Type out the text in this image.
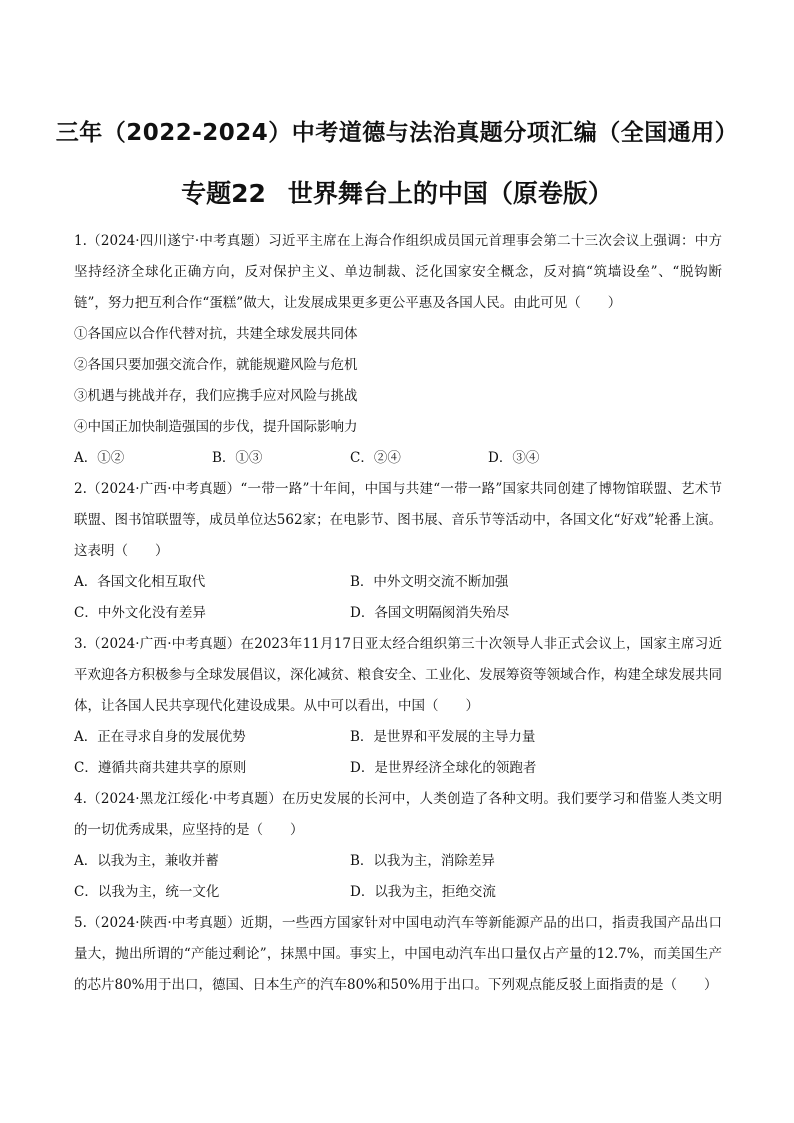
三年（2022-2024）中考道德与法治真题分项汇编（全国通用）
专题22 世界舞台上的中国（原卷版）

1.（2024·四川遂宁·中考真题）习近平主席在上海合作组织成员国元首理事会第二十三次会议上强调：中方坚持经济全球化正确方向，反对保护主义、单边制裁、泛化国家安全概念，反对搞“筑墙设垒”、“脱钩断链”，努力把互利合作“蛋糕”做大，让发展成果更多更公平惠及各国人民。由此可见（　　）

①各国应以合作代替对抗，共建全球发展共同体

②各国只要加强交流合作，就能规避风险与危机

③机遇与挑战并存，我们应携手应对风险与挑战

④中国正加快制造强国的步伐，提升国际影响力

A．①②	B．①③	C．②④	D．③④

2.（2024·广西·中考真题）“一带一路”十年间，中国与共建“一带一路”国家共同创建了博物馆联盟、艺术节联盟、图书馆联盟等，成员单位达562家；在电影节、图书展、音乐节等活动中，各国文化“好戏”轮番上演。这表明（　　）

A．各国文化相互取代	B．中外文明交流不断加强
C．中外文化没有差异	D．各国文明隔阂消失殆尽

3.（2024·广西·中考真题）在2023年11月17日亚太经合组织第三十次领导人非正式会议上，国家主席习近平欢迎各方积极参与全球发展倡议，深化减贫、粮食安全、工业化、发展筹资等领域合作，构建全球发展共同体，让各国人民共享现代化建设成果。从中可以看出，中国（　　）

A．正在寻求自身的发展优势	B．是世界和平发展的主导力量
C．遵循共商共建共享的原则	D．是世界经济全球化的领跑者

4.（2024·黑龙江绥化·中考真题）在历史发展的长河中，人类创造了各种文明。我们要学习和借鉴人类文明的一切优秀成果，应坚持的是（　　）

A．以我为主，兼收并蓄	B．以我为主，消除差异
C．以我为主，统一文化	D．以我为主，拒绝交流

5.（2024·陕西·中考真题）近期，一些西方国家针对中国电动汽车等新能源产品的出口，指责我国产品出口量大，抛出所谓的“产能过剩论”，抹黑中国。事实上，中国电动汽车出口量仅占产量的12.7%，而美国生产的芯片80%用于出口，德国、日本生产的汽车80%和50%用于出口。下列观点能反驳上面指责的是（　　）
